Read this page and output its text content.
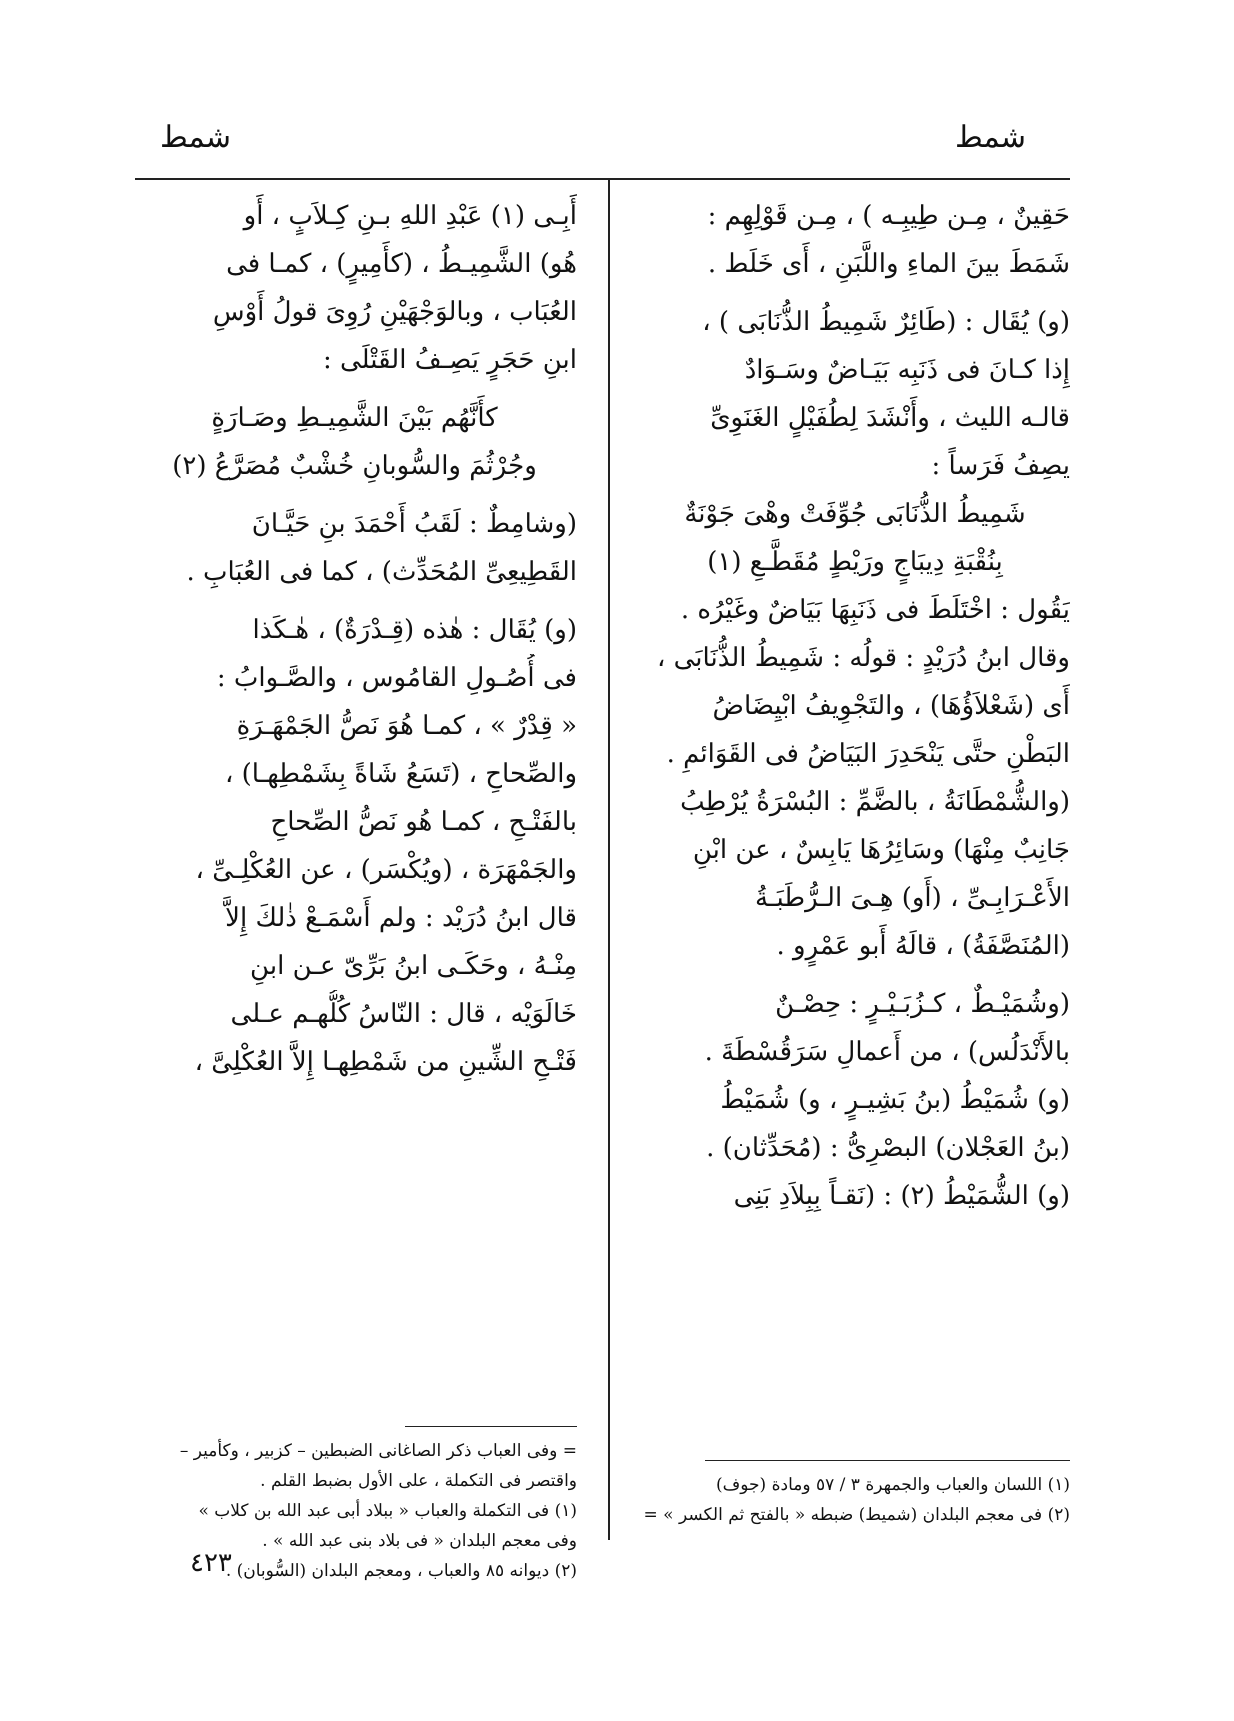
شمط
شمط
حَقِينٌ ، مِـن طِيبِـه ) ، مِـن قَوْلِهِم :
شَمَطَ بينَ الماءِ واللَّبَنِ ، أَى خَلَط .
(و) يُقَال : (طَائِرٌ شَمِيطُ الذُّنَابَى ) ،
إِذا كـانَ فى ذَنَبِه بَيَـاضٌ وسَـوَادٌ
قالـه الليث ، وأَنْشَدَ لِطُفَيْلٍ الغَنَوِىِّ
يصِفُ فَرَساً :
شَمِيطُ الذُّنَابَى جُوِّفَتْ وهْىَ جَوْنَةٌ
بِنُقْبَةِ دِيبَاجٍ ورَيْطٍ مُقَطَّـعِ (١)
يَقُول : اخْتَلَطَ فى ذَنَبِهَا بَيَاضٌ وغَيْرُه .
وقال ابنُ دُرَيْدٍ : قولُه : شَمِيطُ الذُّنَابَى ،
أَى (شَعْلاَؤُهَا) ، والتَجْوِيفُ ابْيِضَاضُ
البَطْنِ حتَّى يَنْحَدِرَ البَيَاضُ فى القَوَائمِ .
(والشُّمْطَانَةُ ، بالضَّمِّ : البُسْرَةُ يُرْطِبُ
جَانِبٌ مِنْهَا) وسَائِرُهَا يَابِسٌ ، عن ابْنِ
الأَعْـرَابِـىِّ ، (أَو) هِـىَ الـرُّطَبَـةُ
(المُنَصَّفَةُ) ، قالَهُ أَبو عَمْرٍو .
(وشُمَيْـطٌ ، كـزُبَـيْـرٍ : حِصْـنٌ
بالأَنْدَلُس) ، من أَعمالِ سَرَقُسْطَةَ .
(و) شُمَيْطُ (بنُ بَشِيـرٍ ، و) شُمَيْطُ
(بنُ العَجْلان) البصْرِىُّ : (مُحَدِّثان) .
(و) الشُّمَيْطُ (٢) : (نَقـاً بِبِلاَدِ بَنِى
أَبِـى (١) عَبْدِ اللهِ بـنِ كِـلاَبٍ ، أَو
هُو) الشَّمِيـطُ ، (كأَمِيرٍ) ، كمـا فى
العُبَاب ، وبالوَجْهَيْنِ رُوِىَ قولُ أَوْسِ
ابنِ حَجَرٍ يَصِـفُ القَتْلَى :
كأَنَّهُم بَيْنَ الشَّمِيـطِ وصَـارَةٍ
وجُرْثُمَ والسُّوبانِ خُشْبٌ مُصَرَّعُ (٢)
(وشامِطٌ : لَقَبُ أَحْمَدَ بنِ حَيَّـانَ
القَطِيعِىِّ المُحَدِّث) ، كما فى العُبَابِ .
(و) يُقَال : هٰذه (قِـدْرَةٌ) ، هٰـكَذا
فى أُصُـولِ القامُوس ، والصَّـوابُ :
« قِدْرٌ » ، كمـا هُوَ نَصُّ الجَمْهَـرَةِ
والصِّحاحِ ، (تَسَعُ شَاةً بِشَمْطِهـا) ،
بالفَتْـحِ ، كمـا هُو نَصُّ الصِّحاحِ
والجَمْهَرَة ، (ويُكْسَر) ، عن العُكْلِـىِّ ،
قال ابنُ دُرَيْد : ولم أَسْمَـعْ ذٰلكَ إِلاَّ
مِنْـهُ ، وحَكَـى ابنُ بَرِّىّ عـن ابنِ
خَالَوَيْه ، قال : النّاسُ كُلُّهـم عـلى
فَتْـحِ الشِّينِ من شَمْطِهـا إِلاَّ العُكْلِىَّ ،
(١) اللسان والعباب والجمهرة ٣ / ٥٧ ومادة (جوف)
(٢) فى معجم البلدان (شميط) ضبطه « بالفتح ثم الكسر » =
= وفى العباب ذكر الصاغانى الضبطين – كزبير ، وكأمير –
واقتصر فى التكملة ، على الأول بضبط القلم .
(١) فى التكملة والعباب « ببلاد أبى عبد الله بن كلاب »
وفى معجم البلدان « فى بلاد بنى عبد الله » .
(٢) ديوانه ٨٥ والعباب ، ومعجم البلدان (السُّوبان) .
٤٢٣
